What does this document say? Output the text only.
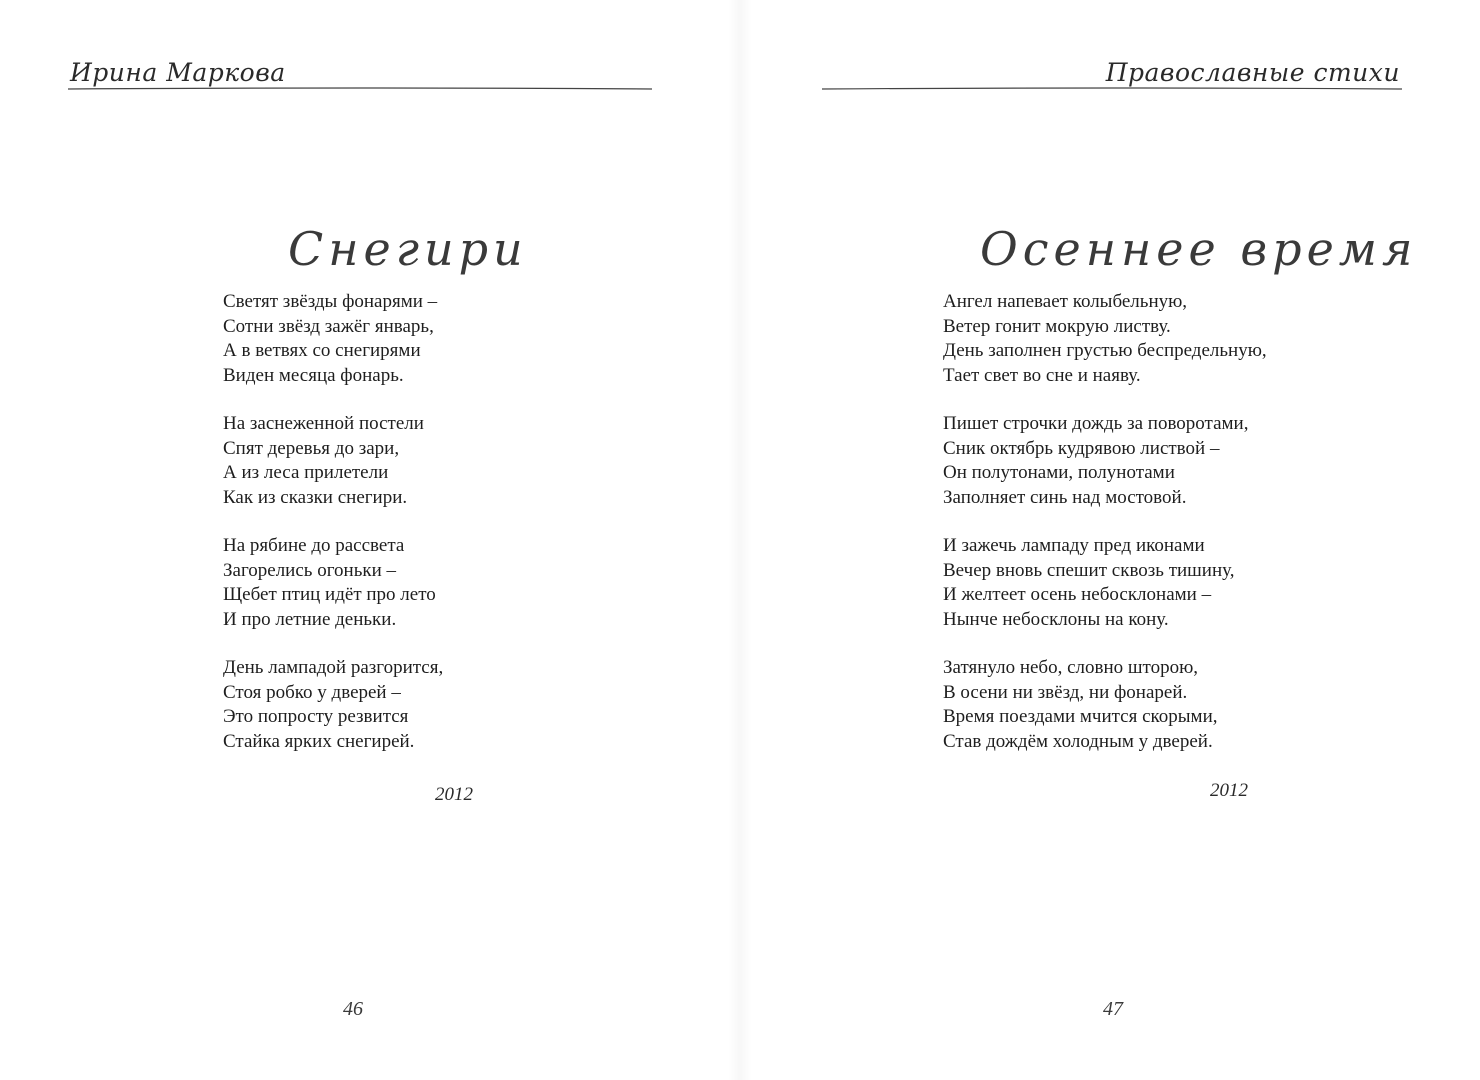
Ирина Маркова
Снегири
Светят звёзды фонарями –
Сотни звёзд зажёг январь,
А в ветвях со снегирями
Виден месяца фонарь.
На заснеженной постели
Спят деревья до зари,
А из леса прилетели
Как из сказки снегири.
На рябине до рассвета
Загорелись огоньки –
Щебет птиц идёт про лето
И про летние деньки.
День лампадой разгорится,
Стоя робко у дверей –
Это попросту резвится
Стайка ярких снегирей.
2012
46
Православные стихи
Осеннее время
Ангел напевает колыбельную,
Ветер гонит мокрую листву.
День заполнен грустью беспредельную,
Тает свет во сне и наяву.
Пишет строчки дождь за поворотами,
Сник октябрь кудрявою листвой –
Он полутонами, полунотами
Заполняет синь над мостовой.
И зажечь лампаду пред иконами
Вечер вновь спешит сквозь тишину,
И желтеет осень небосклонами –
Нынче небосклоны на кону.
Затянуло небо, словно шторою,
В осени ни звёзд, ни фонарей.
Время поездами мчится скорыми,
Став дождём холодным у дверей.
2012
47
